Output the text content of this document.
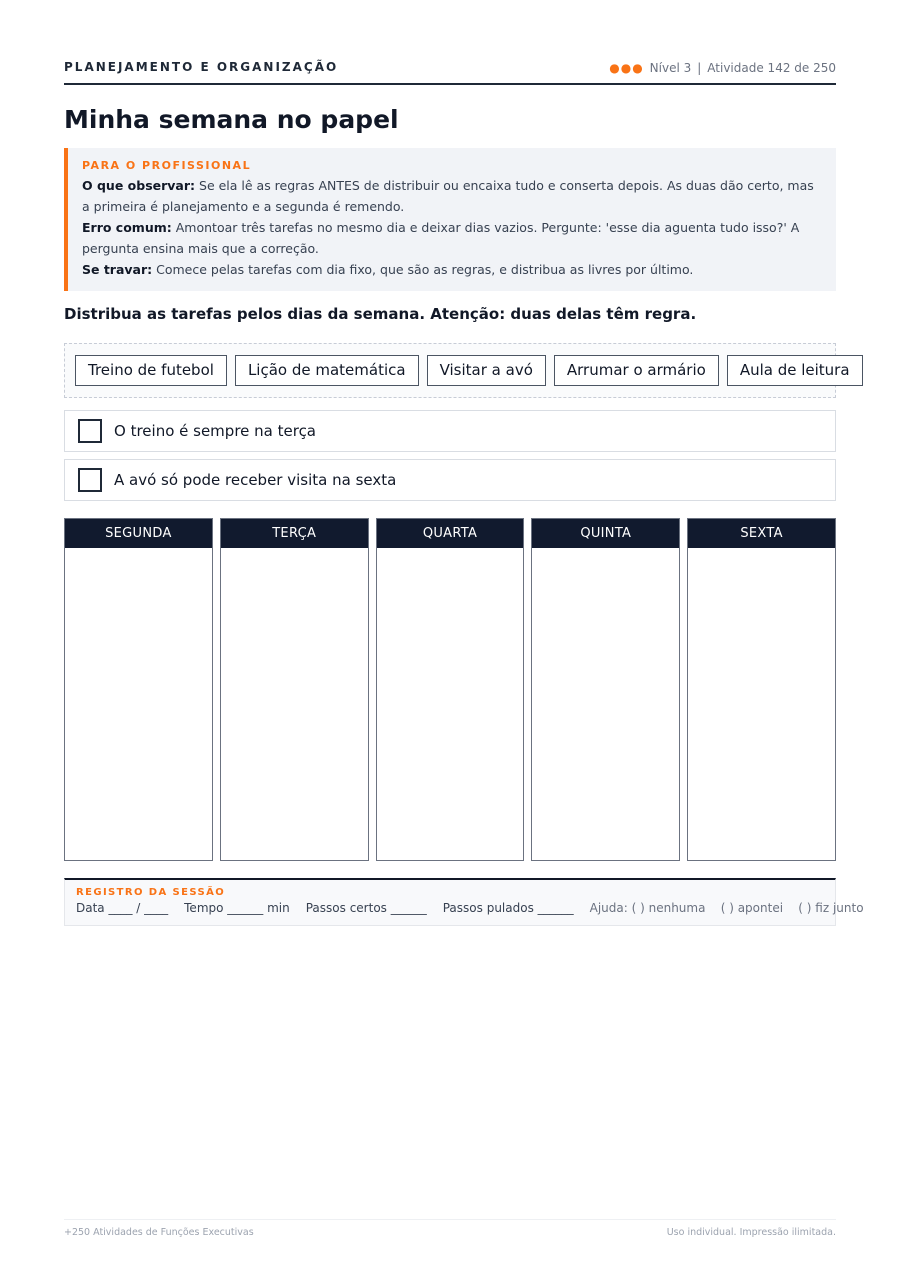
PLANEJAMENTO E ORGANIZAÇÃO	●●● Nível 3 | Atividade 142 de 250
Minha semana no papel
PARA O PROFISSIONAL

O que observar: Se ela lê as regras ANTES de distribuir ou encaixa tudo e conserta depois. As duas dão certo, mas a primeira é planejamento e a segunda é remendo.

Erro comum: Amontoar três tarefas no mesmo dia e deixar dias vazios. Pergunte: 'esse dia aguenta tudo isso?' A pergunta ensina mais que a correção.

Se travar: Comece pelas tarefas com dia fixo, que são as regras, e distribua as livres por último.

Distribua as tarefas pelos dias da semana. Atenção: duas delas têm regra.
Treino de futebol	Lição de matemática	Visitar a avó	Arrumar o armário	Aula de leitura
O treino é sempre na terça
A avó só pode receber visita na sexta
SEGUNDA	TERÇA	QUARTA	QUINTA	SEXTA
REGISTRO DA SESSÃO
Data ____ / ____ Tempo ______ min Passos certos ______ Passos pulados ______ Ajuda: ( ) nenhuma    ( ) apontei    ( ) fiz junto
+250 Atividades de Funções Executivas	Uso individual. Impressão ilimitada.
